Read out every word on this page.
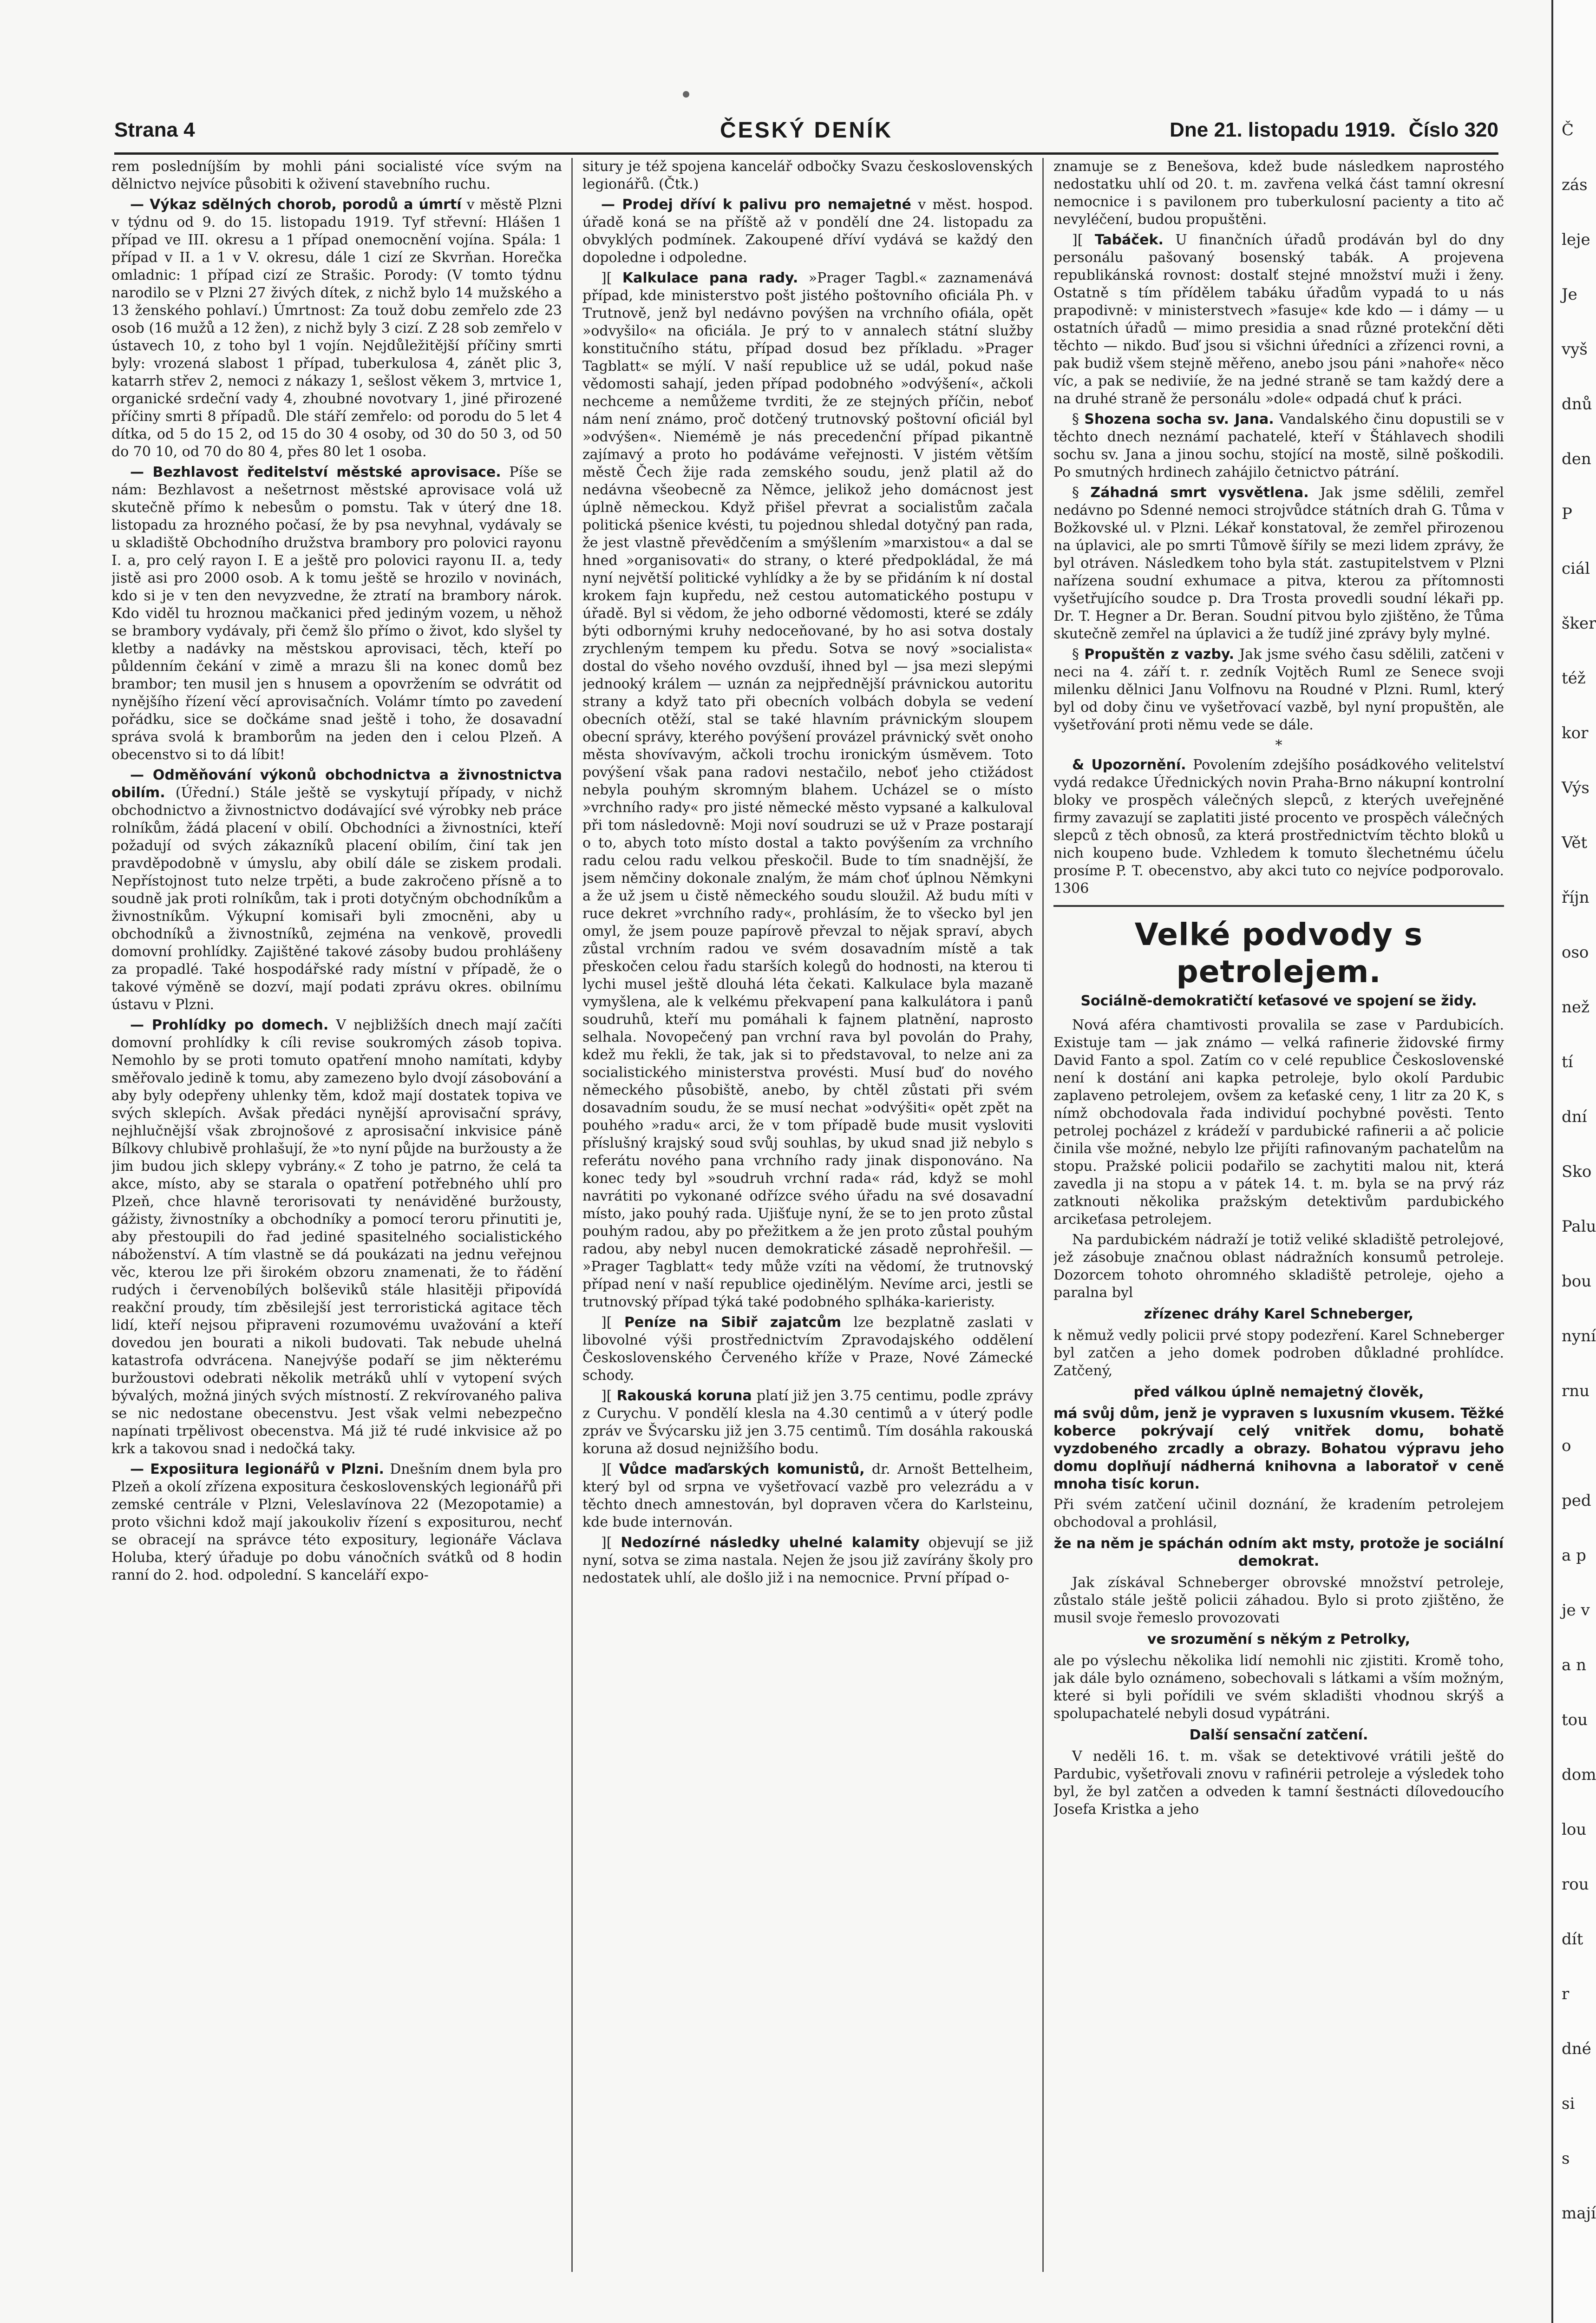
Strana 4	ČESKÝ DENÍK	Dne 21. listopadu 1919. Číslo 320

rem posledníjším by mohli páni socialisté více svým na dělnictvo nejvíce působiti k oživení stavebního ruchu.

— Výkaz sdělných chorob, porodů a úmrtí v městě Plzni v týdnu od 9. do 15. listopadu 1919. Tyf střevní: Hlášen 1 případ ve III. okresu a 1 případ onemocnění vojína. Spála: 1 případ v II. a 1 v V. okresu, dále 1 cizí ze Skvrňan. Horečka omladnic: 1 případ cizí ze Strašic. Porody: (V tomto týdnu narodilo se v Plzni 27 živých dítek, z nichž bylo 14 mužského a 13 ženského pohlaví.) Úmrtnost: Za touž dobu zemřelo zde 23 osob (16 mužů a 12 žen), z nichž byly 3 cizí. Z 28 sob zemřelo v ústavech 10, z toho byl 1 vojín. Nejdůležitější příčiny smrti byly: vrozená slabost 1 případ, tuberkulosa 4, zánět plic 3, katarrh střev 2, nemoci z nákazy 1, sešlost věkem 3, mrtvice 1, organické srdeční vady 4, zhoubné novotvary 1, jiné přirozené příčiny smrti 8 případů. Dle stáří zemřelo: od porodu do 5 let 4 dítka, od 5 do 15 2, od 15 do 30 4 osoby, od 30 do 50 3, od 50 do 70 10, od 70 do 80 4, přes 80 let 1 osoba.

— Bezhlavost ředitelství městské aprovisace. Píše se nám: Bezhlavost a nešetrnost městské aprovisace volá už skutečně přímo k nebesům o pomstu. Tak v úterý dne 18. listopadu za hrozného počasí, že by psa nevyhnal, vydávaly se u skladiště Obchodního družstva brambory pro polovici rayonu I. a, pro celý rayon I. E a ještě pro polovici rayonu II. a, tedy jistě asi pro 2000 osob. A k tomu ještě se hrozilo v novinách, kdo si je v ten den nevyzvedne, že ztratí na brambory nárok. Kdo viděl tu hroznou mačkanici před jediným vozem, u něhož se brambory vydávaly, při čemž šlo přímo o život, kdo slyšel ty kletby a nadávky na městskou aprovisaci, těch, kteří po půldenním čekání v zimě a mrazu šli na konec domů bez brambor; ten musil jen s hnusem a opovržením se odvrátit od nynějšího řízení věcí aprovisačních. Volámr tímto po zavedení pořádku, sice se dočkáme snad ještě i toho, že dosavadní správa svolá k bramborům na jeden den i celou Plzeň. A obecenstvo si to dá líbit!

— Odměňování výkonů obchodnictva a živnostnictva obilím. (Úřední.) Stále ještě se vyskytují případy, v nichž obchodnictvo a živnostnictvo dodávající své výrobky neb práce rolníkům, žádá placení v obilí. Obchodníci a živnostníci, kteří požadují od svých zákazníků placení obilím, činí tak jen pravděpodobně v úmyslu, aby obilí dále se ziskem prodali. Nepřístojnost tuto nelze trpěti, a bude zakročeno přísně a to soudně jak proti rolníkům, tak i proti dotyčným obchodníkům a živnostníkům. Výkupní komisaři byli zmocněni, aby u obchodníků a živnostníků, zejména na venkově, provedli domovní prohlídky. Zajištěné takové zásoby budou prohlášeny za propadlé. Také hospodářské rady místní v případě, že o takové výměně se dozví, mají podati zprávu okres. obilnímu ústavu v Plzni.

— Prohlídky po domech. V nejbližších dnech mají začíti domovní prohlídky k cíli revise soukromých zásob topiva. Nemohlo by se proti tomuto opatření mnoho namítati, kdyby směřovalo jedině k tomu, aby zamezeno bylo dvojí zásobování a aby byly odepřeny uhlenky těm, kdož mají dostatek topiva ve svých sklepích. Avšak předáci nynější aprovisační správy, nejhlučnější však zbrojnošové z aprosisační inkvisice páně Bílkovy chlubivě prohlašují, že »to nyní půjde na buržousty a že jim budou jich sklepy vybrány.« Z toho je patrno, že celá ta akce, místo, aby se starala o opatření potřebného uhlí pro Plzeň, chce hlavně terorisovati ty nenáviděné buržousty, gážisty, živnostníky a obchodníky a pomocí teroru přinutiti je, aby přestoupili do řad jediné spasitelného socialistického náboženství. A tím vlastně se dá poukázati na jednu veřejnou věc, kterou lze při širokém obzoru znamenati, že to řádění rudých i červenobílých bolševiků stále hlasitěji připovídá reakční proudy, tím zběsilejší jest terroristická agitace těch lidí, kteří nejsou připraveni rozumovému uvažování a kteří dovedou jen bourati a nikoli budovati. Tak nebude uhelná katastrofa odvrácena. Nanejvýše podaří se jim některému buržoustovi odebrati několik metráků uhlí v vytopení svých bývalých, možná jiných svých místností. Z rekvírovaného paliva se nic nedostane obecenstvu. Jest však velmi nebezpečno napínati trpělivost obecenstva. Má již té rudé inkvisice až po krk a takovou snad i nedočká taky.

— Exposiitura legionářů v Plzni. Dnešním dnem byla pro Plzeň a okolí zřízena expositura československých legionářů při zemské centrále v Plzni, Veleslavínova 22 (Mezopotamie) a proto všichni kdož mají jakoukoliv řízení s expositurou, nechť se obracejí na správce této expositury, legionáře Václava Holuba, který úřaduje po dobu vánočních svátků od 8 hodin ranní do 2. hod. odpolední. S kanceláří expo-

situry je též spojena kancelář odbočky Svazu československých legionářů. (Čtk.)

— Prodej dříví k palivu pro nemajetné v měst. hospod. úřadě koná se na příště až v pondělí dne 24. listopadu za obvyklých podmínek. Zakoupené dříví vydává se každý den dopoledne i odpoledne.

][ Kalkulace pana rady. »Prager Tagbl.« zaznamenává případ, kde ministerstvo pošt jistého poštovního oficiála Ph. v Trutnově, jenž byl nedávno povýšen na vrchního ofiála, opět »odvyšilo« na oficiála. Je prý to v annalech státní služby konstitučního státu, případ dosud bez příkladu. »Prager Tagblatt« se mýlí. V naší republice už se udál, pokud naše vědomosti sahají, jeden případ podobného »odvýšení«, ačkoli nechceme a nemůžeme tvrditi, že ze stejných příčin, neboť nám není známo, proč dotčený trutnovský poštovní oficiál byl »odvýšen«. Niemémě je nás precedenční případ pikantně zajímavý a proto ho podáváme veřejnosti. V jistém větším městě Čech žije rada zemského soudu, jenž platil až do nedávna všeobecně za Němce, jelikož jeho domácnost jest úplně německou. Když přišel převrat a socialistům začala politická pšenice kvésti, tu pojednou shledal dotyčný pan rada, že jest vlastně převědčením a smýšlením »marxistou« a dal se hned »organisovati« do strany, o které předpokládal, že má nyní největší politické vyhlídky a že by se přidáním k ní dostal krokem fajn kupředu, než cestou automatického postupu v úřadě. Byl si vědom, že jeho odborné vědomosti, které se zdály býti odbornými kruhy nedoceňované, by ho asi sotva dostaly zrychleným tempem ku předu. Sotva se nový »socialista« dostal do všeho nového ovzduší, ihned byl — jsa mezi slepými jednooký králem — uznán za nejpřednější právnickou autoritu strany a když tato při obecních volbách dobyla se vedení obecních otěží, stal se také hlavním právnickým sloupem obecní správy, kterého povýšení provázel právnický svět onoho města shovívavým, ačkoli trochu ironickým úsměvem. Toto povýšení však pana radovi nestačilo, neboť jeho ctižádost nebyla pouhým skromným blahem. Ucházel se o místo »vrchního rady« pro jisté německé město vypsané a kalkuloval při tom následovně: Moji noví soudruzi se už v Praze postarají o to, abych toto místo dostal a takto povýšením za vrchního radu celou radu velkou přeskočil. Bude to tím snadnější, že jsem němčiny dokonale znalým, že mám choť úplnou Němkyni a že už jsem u čistě německého soudu sloužil. Až budu míti v ruce dekret »vrchního rady«, prohlásím, že to všecko byl jen omyl, že jsem pouze papírově převzal to nějak spraví, abych zůstal vrchním radou ve svém dosavadním místě a tak přeskočen celou řadu starších kolegů do hodnosti, na kterou ti lychi musel ještě dlouhá léta čekati. Kalkulace byla mazaně vymyšlena, ale k velkému překvapení pana kalkulátora i panů soudruhů, kteří mu pomáhali k fajnem platnění, naprosto selhala. Novopečený pan vrchní rava byl povolán do Prahy, kdež mu řekli, že tak, jak si to představoval, to nelze ani za socialistického ministerstva provésti. Musí buď do nového německého působiště, anebo, by chtěl zůstati při svém dosavadním soudu, že se musí nechat »odvýšiti« opět zpět na pouhého »radu« arci, že v tom případě bude musit vysloviti příslušný krajský soud svůj souhlas, by ukud snad již nebylo s referátu nového pana vrchního rady jinak disponováno. Na konec tedy byl »soudruh vrchní rada« rád, když se mohl navrátiti po vykonané odřízce svého úřadu na své dosavadní místo, jako pouhý rada. Ujišťuje nyní, že se to jen proto zůstal pouhým radou, aby po přežitkem a že jen proto zůstal pouhým radou, aby nebyl nucen demokratické zásadě neprohřešil. — »Prager Tagblatt« tedy může vzíti na vědomí, že trutnovský případ není v naší republice ojedinělým. Nevíme arci, jestli se trutnovský případ týká také podobného splháka-karieristy.

][ Peníze na Sibiř zajatcům lze bezplatně zaslati v libovolné výši prostřednictvím Zpravodajského oddělení Československého Červeného kříže v Praze, Nové Zámecké schody.

][ Rakouská koruna platí již jen 3.75 centimu, podle zprávy z Curychu. V pondělí klesla na 4.30 centimů a v úterý podle zpráv ve Švýcarsku již jen 3.75 centimů. Tím dosáhla rakouská koruna až dosud nejnižšího bodu.

][ Vůdce maďarských komunistů, dr. Arnošt Bettelheim, který byl od srpna ve vyšetřovací vazbě pro velezrádu a v těchto dnech amnestován, byl dopraven včera do Karlsteinu, kde bude internován.

][ Nedozírné následky uhelné kalamity objevují se již nyní, sotva se zima nastala. Nejen že jsou již zavírány školy pro nedostatek uhlí, ale došlo již i na nemocnice. První případ o-

znamuje se z Benešova, kdež bude následkem naprostého nedostatku uhlí od 20. t. m. zavřena velká část tamní okresní nemocnice i s pavilonem pro tuberkulosní pacienty a tito ač nevyléčení, budou propuštěni.

][ Tabáček. U finančních úřadů prodáván byl do dny personálu pašovaný bosenský tabák. A projevena republikánská rovnost: dostalť stejné množství muži i ženy. Ostatně s tím přídělem tabáku úřadům vypadá to u nás prapodivně: v ministerstvech »fasuje« kde kdo — i dámy — u ostatních úřadů — mimo presidia a snad různé protekční děti těchto — nikdo. Buď jsou si všichni úředníci a zřízenci rovni, a pak budiž všem stejně měřeno, anebo jsou páni »nahoře« něco víc, a pak se nediviíe, že na jedné straně se tam každý dere a na druhé straně že personálu »dole« odpadá chuť k práci.

§ Shozena socha sv. Jana. Vandalského činu dopustili se v těchto dnech neznámí pachatelé, kteří v Štáhlavech shodili sochu sv. Jana a jinou sochu, stojící na mostě, silně poškodili. Po smutných hrdinech zahájilo četnictvo pátrání.

§ Záhadná smrt vysvětlena. Jak jsme sdělili, zemřel nedávno po Sdenné nemoci strojvůdce státních drah G. Tůma v Božkovské ul. v Plzni. Lékař konstatoval, že zemřel přirozenou na úplavici, ale po smrti Tůmově šířily se mezi lidem zprávy, že byl otráven. Následkem toho byla stát. zastupitelstvem v Plzni nařízena soudní exhumace a pitva, kterou za přítomnosti vyšetřujícího soudce p. Dra Trosta provedli soudní lékaři pp. Dr. T. Hegner a Dr. Beran. Soudní pitvou bylo zjištěno, že Tůma skutečně zemřel na úplavici a že tudíž jiné zprávy byly mylné.

§ Propuštěn z vazby. Jak jsme svého času sdělili, zatčeni v neci na 4. září t. r. zedník Vojtěch Ruml ze Senece svoji milenku dělnici Janu Volfnovu na Roudné v Plzni. Ruml, který byl od doby činu ve vyšetřovací vazbě, byl nyní propuštěn, ale vyšetřování proti němu vede se dále.

*

& Upozornění. Povolením zdejšího posádkového velitelství vydá redakce Úřednických novin Praha-Brno nákupní kontrolní bloky ve prospěch válečných slepců, z kterých uveřejněné firmy zavazují se zaplatiti jisté procento ve prospěch válečných slepců z těch obnosů, za která prostřednictvím těchto bloků u nich koupeno bude. Vzhledem k tomuto šlechetnému účelu prosíme P. T. obecenstvo, aby akci tuto co nejvíce podporovalo. 1306

Velké podvody s petrolejem.
Sociálně-demokratičtí keťasové ve spojení se židy.

Nová aféra chamtivosti provalila se zase v Pardubicích. Existuje tam — jak známo — velká rafinerie židovské firmy David Fanto a spol. Zatím co v celé republice Československé není k dostání ani kapka petroleje, bylo okolí Pardubic zaplaveno petrolejem, ovšem za keťaské ceny, 1 litr za 20 K, s nímž obchodovala řada individuí pochybné pověsti. Tento petrolej pocházel z krádeží v pardubické rafinerii a ač policie činila vše možné, nebylo lze přijíti rafinovaným pachatelům na stopu. Pražské policii podařilo se zachytiti malou nit, která zavedla ji na stopu a v pátek 14. t. m. byla se na prvý ráz zatknouti několika pražským detektivům pardubického arcikeťasa petrolejem.

Na pardubickém nádraží je totiž veliké skladiště petrolejové, jež zásobuje značnou oblast nádražních konsumů petroleje. Dozorcem tohoto ohromného skladiště petroleje, ojeho a paralna byl

zřízenec dráhy Karel Schneberger,

k němuž vedly policii prvé stopy podezření. Karel Schneberger byl zatčen a jeho domek podroben důkladné prohlídce. Zatčený,

před válkou úplně nemajetný člověk,

má svůj dům, jenž je vypraven s luxusním vkusem. Těžké koberce pokrývají celý vnitřek domu, bohatě vyzdobeného zrcadly a obrazy. Bohatou výpravu jeho domu doplňují nádherná knihovna a laboratoř v ceně mnoha tisíc korun.

Při svém zatčení učinil doznání, že kradením petrolejem obchodoval a prohlásil,

že na něm je spáchán odním akt msty, protože je sociální demokrat.

Jak získával Schneberger obrovské množství petroleje, zůstalo stále ještě policii záhadou. Bylo si proto zjištěno, že musil svoje řemeslo provozovati

ve srozumění s někým z Petrolky,

ale po výslechu několika lidí nemohli nic zjistiti. Kromě toho, jak dále bylo oznámeno, sobechovali s látkami a vším možným, které si byli pořídili ve svém skladišti vhodnou skrýš a spolupachatelé nebyli dosud vypátráni.

Další sensační zatčení.

V neděli 16. t. m. však se detektivové vrátili ještě do Pardubic, vyšetřovali znovu v rafinérii petroleje a výsledek toho byl, že byl zatčen a odveden k tamní šestnácti dílovedoucího Josefa Kristka a jeho

Č
zás
leje
Je
vyš
dnů
den
P
ciál
šker
též
kor
Výs
Vět
říjn
oso
než
tí
dní
Sko
Palu
bou
nyní
rnu
o
ped
a p
je v
a n
tou
dom
lou
rou
dít
r
dné
si
s
mají
